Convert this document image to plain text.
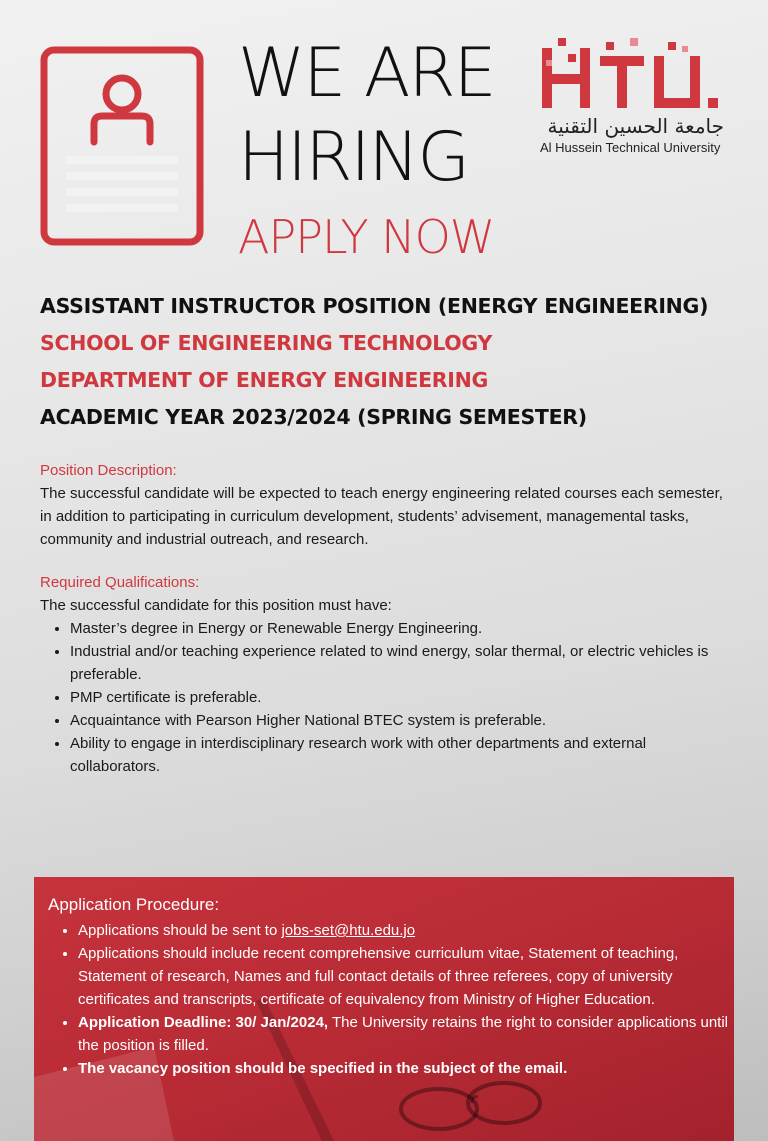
WE ARE
HIRING
APPLY NOW
جامعة الحسين التقنية
Al Hussein Technical University
ASSISTANT INSTRUCTOR POSITION (ENERGY ENGINEERING)
SCHOOL OF ENGINEERING TECHNOLOGY
DEPARTMENT OF ENERGY ENGINEERING
ACADEMIC YEAR 2023/2024 (SPRING SEMESTER)
Position Description:
The successful candidate will be expected to teach energy engineering related courses each semester, in addition to participating in curriculum development, students’ advisement, managemental tasks, community and industrial outreach, and research.
Required Qualifications:
The successful candidate for this position must have:
• Master’s degree in Energy or Renewable Energy Engineering.
• Industrial and/or teaching experience related to wind energy, solar thermal, or electric vehicles is preferable.
• PMP certificate is preferable.
• Acquaintance with Pearson Higher National BTEC system is preferable.
• Ability to engage in interdisciplinary research work with other departments and external collaborators.
Application Procedure:
• Applications should be sent to jobs-set@htu.edu.jo
• Applications should include recent comprehensive curriculum vitae, Statement of teaching, Statement of research, Names and full contact details of three referees, copy of university certificates and transcripts, certificate of equivalency from Ministry of Higher Education.
• Application Deadline: 30/ Jan/2024, The University retains the right to consider applications until the position is filled.
• The vacancy position should be specified in the subject of the email.
